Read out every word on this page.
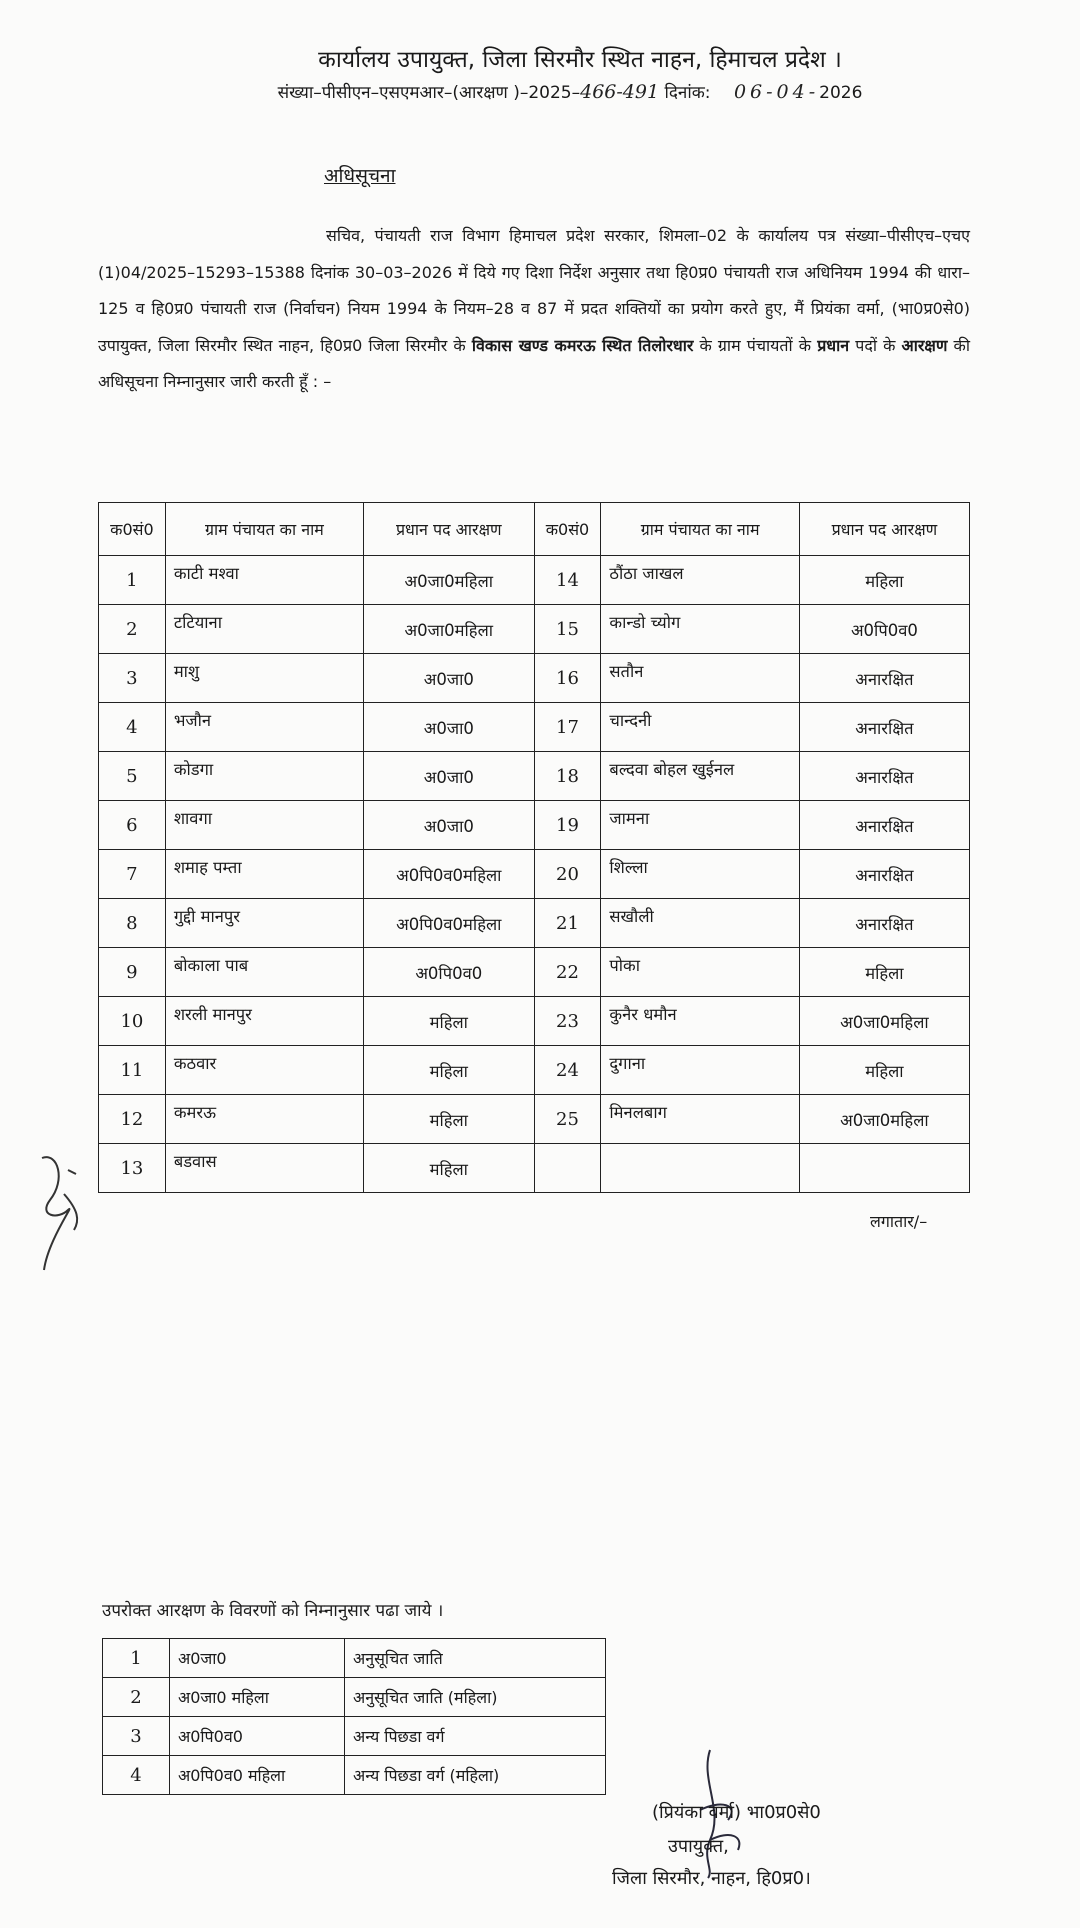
कार्यालय उपायुक्त, जिला सिरमौर स्थित नाहन, हिमाचल प्रदेश ।
संख्या–पीसीएन–एसएमआर–(आरक्षण )–2025–466-491 दिनांक: 06-04-2026
अधिसूचना
सचिव, पंचायती राज विभाग हिमाचल प्रदेश सरकार, शिमला–02 के कार्यालय पत्र संख्या–पीसीएच–एचए (1)04/2025–15293–15388 दिनांक 30–03–2026 में दिये गए दिशा निर्देश अनुसार तथा हि0प्र0 पंचायती राज अधिनियम 1994 की धारा–125 व हि0प्र0 पंचायती राज (निर्वाचन) नियम 1994 के नियम–28 व 87 में प्रदत शक्तियों का प्रयोग करते हुए, मैं प्रियंका वर्मा, (भा0प्र0से0) उपायुक्त, जिला सिरमौर स्थित नाहन, हि0प्र0 जिला सिरमौर के विकास खण्ड कमरऊ स्थित तिलोरधार के ग्राम पंचायतों के प्रधान पदों के आरक्षण की अधिसूचना निम्नानुसार जारी करती हूँ : –
क0सं0	ग्राम पंचायत का नाम	प्रधान पद आरक्षण	क0सं0	ग्राम पंचायत का नाम	प्रधान पद आरक्षण
1	काटी मश्वा	अ0जा0महिला	14	ठौंठा जाखल	महिला
2	टटियाना	अ0जा0महिला	15	कान्डो च्योग	अ0पि0व0
3	माशु	अ0जा0	16	सतौन	अनारक्षित
4	भजौन	अ0जा0	17	चान्दनी	अनारक्षित
5	कोडगा	अ0जा0	18	बल्दवा बोहल खुईनल	अनारक्षित
6	शावगा	अ0जा0	19	जामना	अनारक्षित
7	शमाह पम्ता	अ0पि0व0महिला	20	शिल्ला	अनारक्षित
8	गुद्दी मानपुर	अ0पि0व0महिला	21	सखौली	अनारक्षित
9	बोकाला पाब	अ0पि0व0	22	पोका	महिला
10	शरली मानपुर	महिला	23	कुनैर धमौन	अ0जा0महिला
11	कठवार	महिला	24	दुगाना	महिला
12	कमरऊ	महिला	25	मिनलबाग	अ0जा0महिला
13	बडवास	महिला			
लगातार/–
उपरोक्त आरक्षण के विवरणों को निम्नानुसार पढा जाये ।
1	अ0जा0	अनुसूचित जाति
2	अ0जा0 महिला	अनुसूचित जाति (महिला)
3	अ0पि0व0	अन्य पिछडा वर्ग
4	अ0पि0व0 महिला	अन्य पिछडा वर्ग (महिला)
(प्रियंका वर्मा) भा0प्र0से0
उपायुक्त,
जिला सिरमौर, नाहन, हि0प्र0।
